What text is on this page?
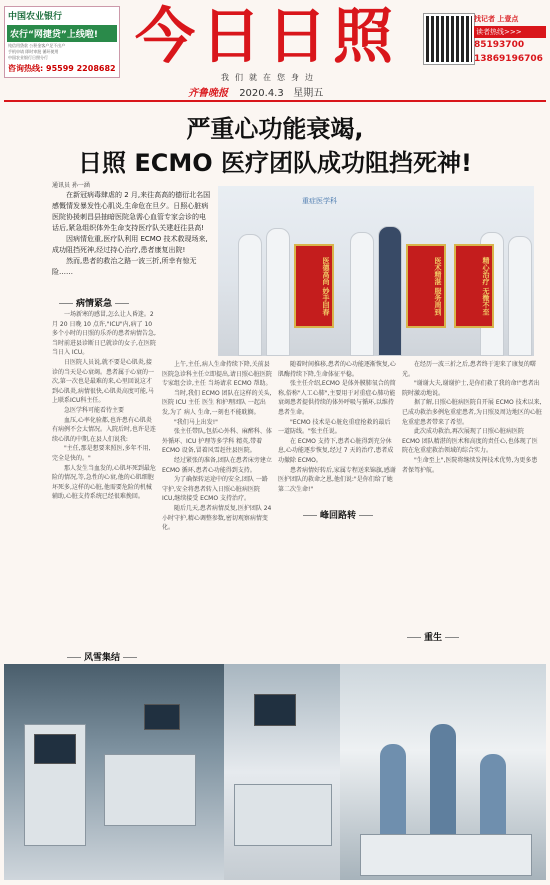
中国农业银行
农行“网捷贷”上线啦!
纯信用贷款 公积金客户足不出户
手机申请 即时审批 循环使用
中国农业银行日照分行
咨询热线: 95599 2208682 今日日照
我们就在您身边
齐鲁晚报 2020.4.3 星期五
找记者 上壹点
读者热线>>>
85193700
13869196706
严重心功能衰竭,
日照 ECMO 医疗团队成功阻挡死神!
通讯员 孙一涵

在新冠病毒肆虐的 2 月,来往高高的德衍北名国感慨情发暴发性心肌炎,生命危在旦夕。日照心脏病医院协援刺昌县抽暗医院急需心血管专家会诊的电话后,紧急组织体外生命支持医疗队关建赶往县高!

因病情危重,医疗队利用 ECMO 技术救现场来,成功阻挡死神,经过持心治疗,患者康复出院!

然而,患者的救治之路一波三折,所幸有惊无险……

重症医学科
医德高尚 妙手回春	医术精湛 服务周到	精心治疗 无微不至
病情紧急

一场新寒的感冒,怎么让人昏迷。2 月 20 日晚 10 点许,"ICU"内,病了 10 多个小时的日照的乐乔的患者病情告急,当时前进县诊断日已就诊的女子,在医院当日入 ICU。

日医院人员说,就不要是心肌炎,接诊的当天是心衰竭。患者属于心衰的一次,第一次也是最难的来,心里回说这才到心肌炎,病情很快,心肌炎高度可能,马上联系ICU科主任。

急医学科可能看待主要

血压,心率化验都,也许患有心肌炎有病例不会太情况。入院后时,也许是连续心肌的中期,在县人们说我:

"主任,那是想要来照医,多年不用,完全是快的。"

那人发生当血发的,心肌坏死到最危险的情况,等,急性的心衰,他的心肌细胞坏死多,这样的心脏,他需要危险的机械辅助,心脏支持系统已经很难挽回。

风雪集结

上午,主任,病人生命持续下降,关前县医院急诊科主任立即提出,请日照心脏医院专家组会诊,主任 当场请求 ECMO 帮助。

当时,我们 ECMO 团队在这样的关头,医院 ICU 主任 医生 和护理团队 一起出发,为了 病人 生命,一刻也不能耽搁。

"我们马上出发!"

张主任带队,包括心外科、麻醉科、体外循环、ICU 护理等多学科 精英,带着 ECMO 设备,冒着风雪赶往县医院。

经过紧张的准备,团队在患者床旁建立 ECMO 循环,患者心功能得到支持。

为了确保转运途中的安全,团队 一路守护,安全将患者转入日照心脏病医院 ICU,继续接受 ECMO 支持治疗。

随后几天,患者病情反复,医护团队 24 小时守护,精心调整参数,密切观察病情变化。

随着时间推移,患者的心功能逐渐恢复,心肌酶持续下降,生命体征平稳。

张主任介绍,ECMO 是体外膜肺氧合的简称,俗称"人工心肺",主要用于对重症心肺功能衰竭患者提供持续的体外呼吸与循环,以维持患者生命。

"ECMO 技术是心脏危重症抢救的最后一道防线。"张主任说。

在 ECMO 支持下,患者心脏得到充分休息,心功能逐步恢复,经过 7 天的治疗,患者成功撤除 ECMO。

患者病情好转后,家属专程送来锦旗,感谢医护团队的救命之恩,他们说:"是你们给了她第二次生命!"

峰回路转

在经历一波三折之后,患者终于迎来了康复的曙光。

"谢谢大夫,谢谢护士,是你们救了我的命!"患者出院时激动地说。

据了解,日照心脏病医院自开展 ECMO 技术以来,已成功救治多例危重症患者,为日照及周边地区的心脏危重症患者带来了希望。

此次成功救治,再次展现了日照心脏病医院 ECMO 团队精湛的医术和高度的责任心,也体现了医院在危重症救治领域的综合实力。

"生命至上",医院将继续发挥技术优势,为更多患者保驾护航。

重生
